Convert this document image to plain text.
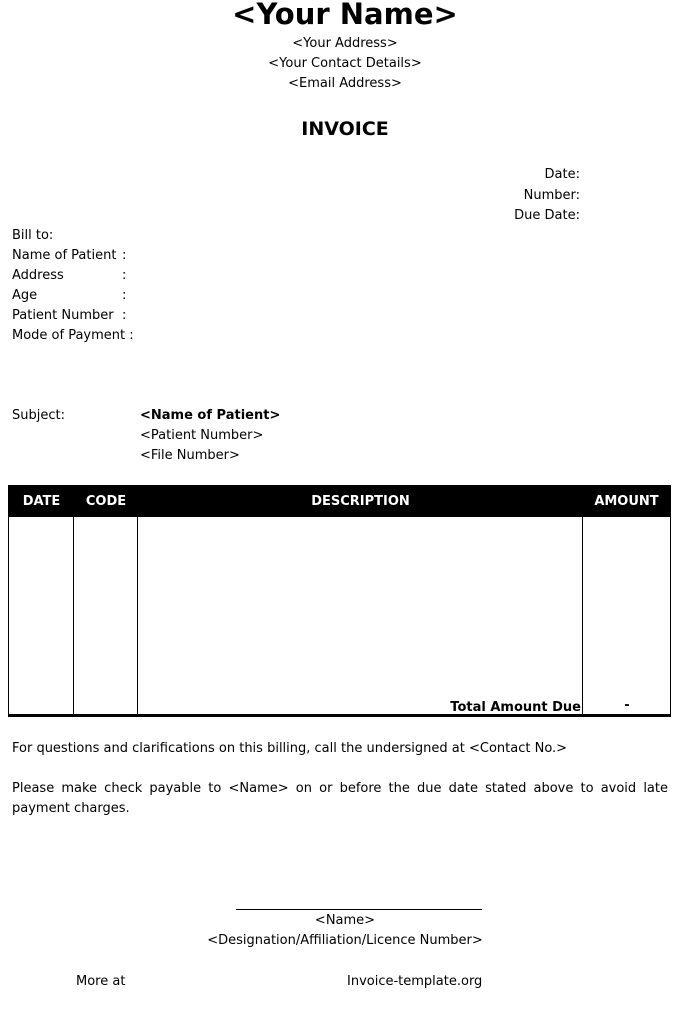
<Your Name>
<Your Address>
<Your Contact Details>
<Email Address>
INVOICE
Date:
Number:
Due Date:
Bill to:
Name of Patient :
Address	:
Age	:
Patient Number :
Mode of Payment :
Subject:	<Name of Patient>
<Patient Number>
<File Number>
DATE	CODE	DESCRIPTION	AMOUNT
Total Amount Due	-
For questions and clarifications on this billing, call the undersigned at <Contact No.>
Please make check payable to <Name> on or before the due date stated above to avoid late payment charges.
<Name>
<Designation/Affiliation/Licence Number>
More at	Invoice-template.org
